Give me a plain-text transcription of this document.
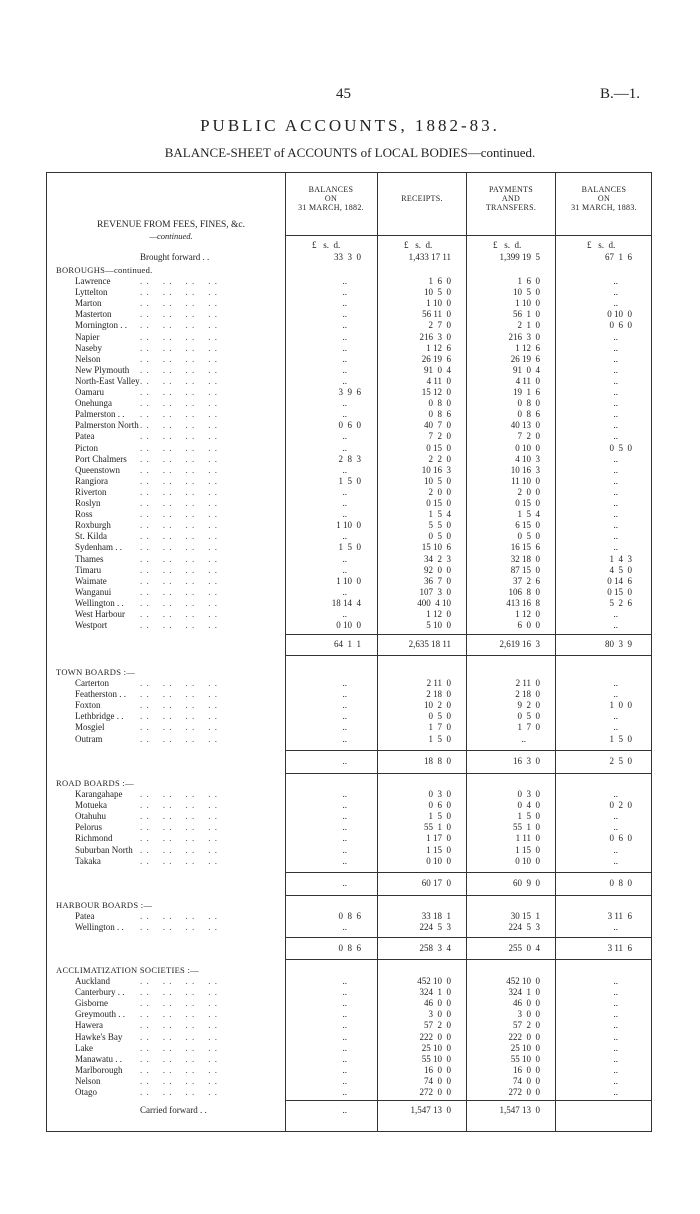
45	B.—1.
PUBLIC ACCOUNTS, 1882-83.
BALANCE-SHEET of ACCOUNTS of LOCAL BODIES—continued.
BALANCES
ON
31 MARCH, 1882.
RECEIPTS.
PAYMENTS
AND
TRANSFERS.
BALANCES
ON
31 MARCH, 1883.
REVENUE FROM FEES, FINES, &c.
—continued.
£   s.  d.	£   s.  d.	£   s.  d.	£   s.  d.
Brought forward . .	33  3  0	1,433 17 11	1,399 19  5	67  1  6
BOROUGHS—continued.
Lawrence	. .    . .    . .    . .	..	1  6  0	1  6  0	..
Lyttelton	. .    . .    . .    . .	..	10  5  0	10  5  0	..
Marton	. .    . .    . .    . .	..	1 10  0	1 10  0	..
Masterton	. .    . .    . .    . .	..	56 11  0	56  1  0	0 10  0
Mornington . . . .    . .    . .    . .	..	2  7  0	2  1  0	0  6  0
Napier	. .    . .    . .    . .	..	216  3  0	216  3  0	..
Naseby	. .    . .    . .    . .	..	1 12  6	1 12  6	..
Nelson	. .    . .    . .    . .	..	26 19  6	26 19  6	..
New Plymouth . .    . .    . .    . .	..	91  0  4	91  0  4	..
North-East Valley . .    . .    . .    . .	..	4 11  0	4 11  0	..
Oamaru	. .    . .    . .    . .	3  9  6	15 12  0	19  1  6	..
Onehunga	. .    . .    . .    . .	..	0  8  0	0  8  0	..
Palmerston . . . .    . .    . .    . .	..	0  8  6	0  8  6	..
Palmerston North . .    . .    . .    . .	0  6  0	40  7  0	40 13  0	..
Patea	. .    . .    . .    . .	..	7  2  0	7  2  0	..
Picton	. .    . .    . .    . .	..	0 15  0	0 10  0	0  5  0
Port Chalmers . .    . .    . .    . .	2  8  3	2  2  0	4 10  3	..
Queenstown . .    . .    . .    . .	..	10 16  3	10 16  3	..
Rangiora	. .    . .    . .    . .	1  5  0	10  5  0	11 10  0	..
Riverton	. .    . .    . .    . .	..	2  0  0	2  0  0	..
Roslyn	. .    . .    . .    . .	..	0 15  0	0 15  0	..
Ross	. .    . .    . .    . .	..	1  5  4	1  5  4	..
Roxburgh	. .    . .    . .    . .	1 10  0	5  5  0	6 15  0	..
St. Kilda	. .    . .    . .    . .	..	0  5  0	0  5  0	..
Sydenham . . . .    . .    . .    . .	1  5  0	15 10  6	16 15  6	..
Thames	. .    . .    . .    . .	..	34  2  3	32 18  0	1  4  3
Timaru	. .    . .    . .    . .	..	92  0  0	87 15  0	4  5  0
Waimate	. .    . .    . .    . .	1 10  0	36  7  0	37  2  6	0 14  6
Wanganui	. .    . .    . .    . .	..	107  3  0	106  8  0	0 15  0
Wellington . . . .    . .    . .    . .	18 14  4	400  4 10	413 16  8	5  2  6
West Harbour . .    . .    . .    . .	..	1 12  0	1 12  0	..
Westport	. .    . .    . .    . .	0 10  0	5 10  0	6  0  0	..
64  1  1	2,635 18 11	2,619 16  3	80  3  9
TOWN BOARDS :—
Carterton	. .    . .    . .    . .	..	2 11  0	2 11  0	..
Featherston . . . .    . .    . .    . .	..	2 18  0	2 18  0	..
Foxton	. .    . .    . .    . .	..	10  2  0	9  2  0	1  0  0
Lethbridge . . . .    . .    . .    . .	..	0  5  0	0  5  0	..
Mosgiel	. .    . .    . .    . .	..	1  7  0	1  7  0	..
Outram	. .    . .    . .    . .	..	1  5  0	..	1  5  0
..	18  8  0	16  3  0	2  5  0
ROAD BOARDS :—
Karangahape . .    . .    . .    . .	..	0  3  0	0  3  0	..
Motueka	. .    . .    . .    . .	..	0  6  0	0  4  0	0  2  0
Otahuhu	. .    . .    . .    . .	..	1  5  0	1  5  0	..
Pelorus	. .    . .    . .    . .	..	55  1  0	55  1  0	..
Richmond	. .    . .    . .    . .	..	1 17  0	1 11  0	0  6  0
Suburban North . .    . .    . .    . .	..	1 15  0	1 15  0	..
Takaka	. .    . .    . .    . .	..	0 10  0	0 10  0	..
..	60 17  0	60  9  0	0  8  0
HARBOUR BOARDS :—
Patea	. .    . .    . .    . .	0  8  6	33 18  1	30 15  1	3 11  6
Wellington . . . .    . .    . .    . .	..	224  5  3	224  5  3	..
0  8  6	258  3  4	255  0  4	3 11  6
ACCLIMATIZATION SOCIETIES :—
Auckland	. .    . .    . .    . .	..	452 10  0	452 10  0	..
Canterbury . . . .    . .    . .    . .	..	324  1  0	324  1  0	..
Gisborne	. .    . .    . .    . .	..	46  0  0	46  0  0	..
Greymouth . . . .    . .    . .    . .	..	3  0  0	3  0  0	..
Hawera	. .    . .    . .    . .	..	57  2  0	57  2  0	..
Hawke's Bay . .    . .    . .    . .	..	222  0  0	222  0  0	..
Lake	. .    . .    . .    . .	..	25 10  0	25 10  0	..
Manawatu . . . .    . .    . .    . .	..	55 10  0	55 10  0	..
Marlborough . .    . .    . .    . .	..	16  0  0	16  0  0	..
Nelson	. .    . .    . .    . .	..	74  0  0	74  0  0	..
Otago	. .    . .    . .    . .	..	272  0  0	272  0  0	..
Carried forward . .	..	1,547 13  0	1,547 13  0
